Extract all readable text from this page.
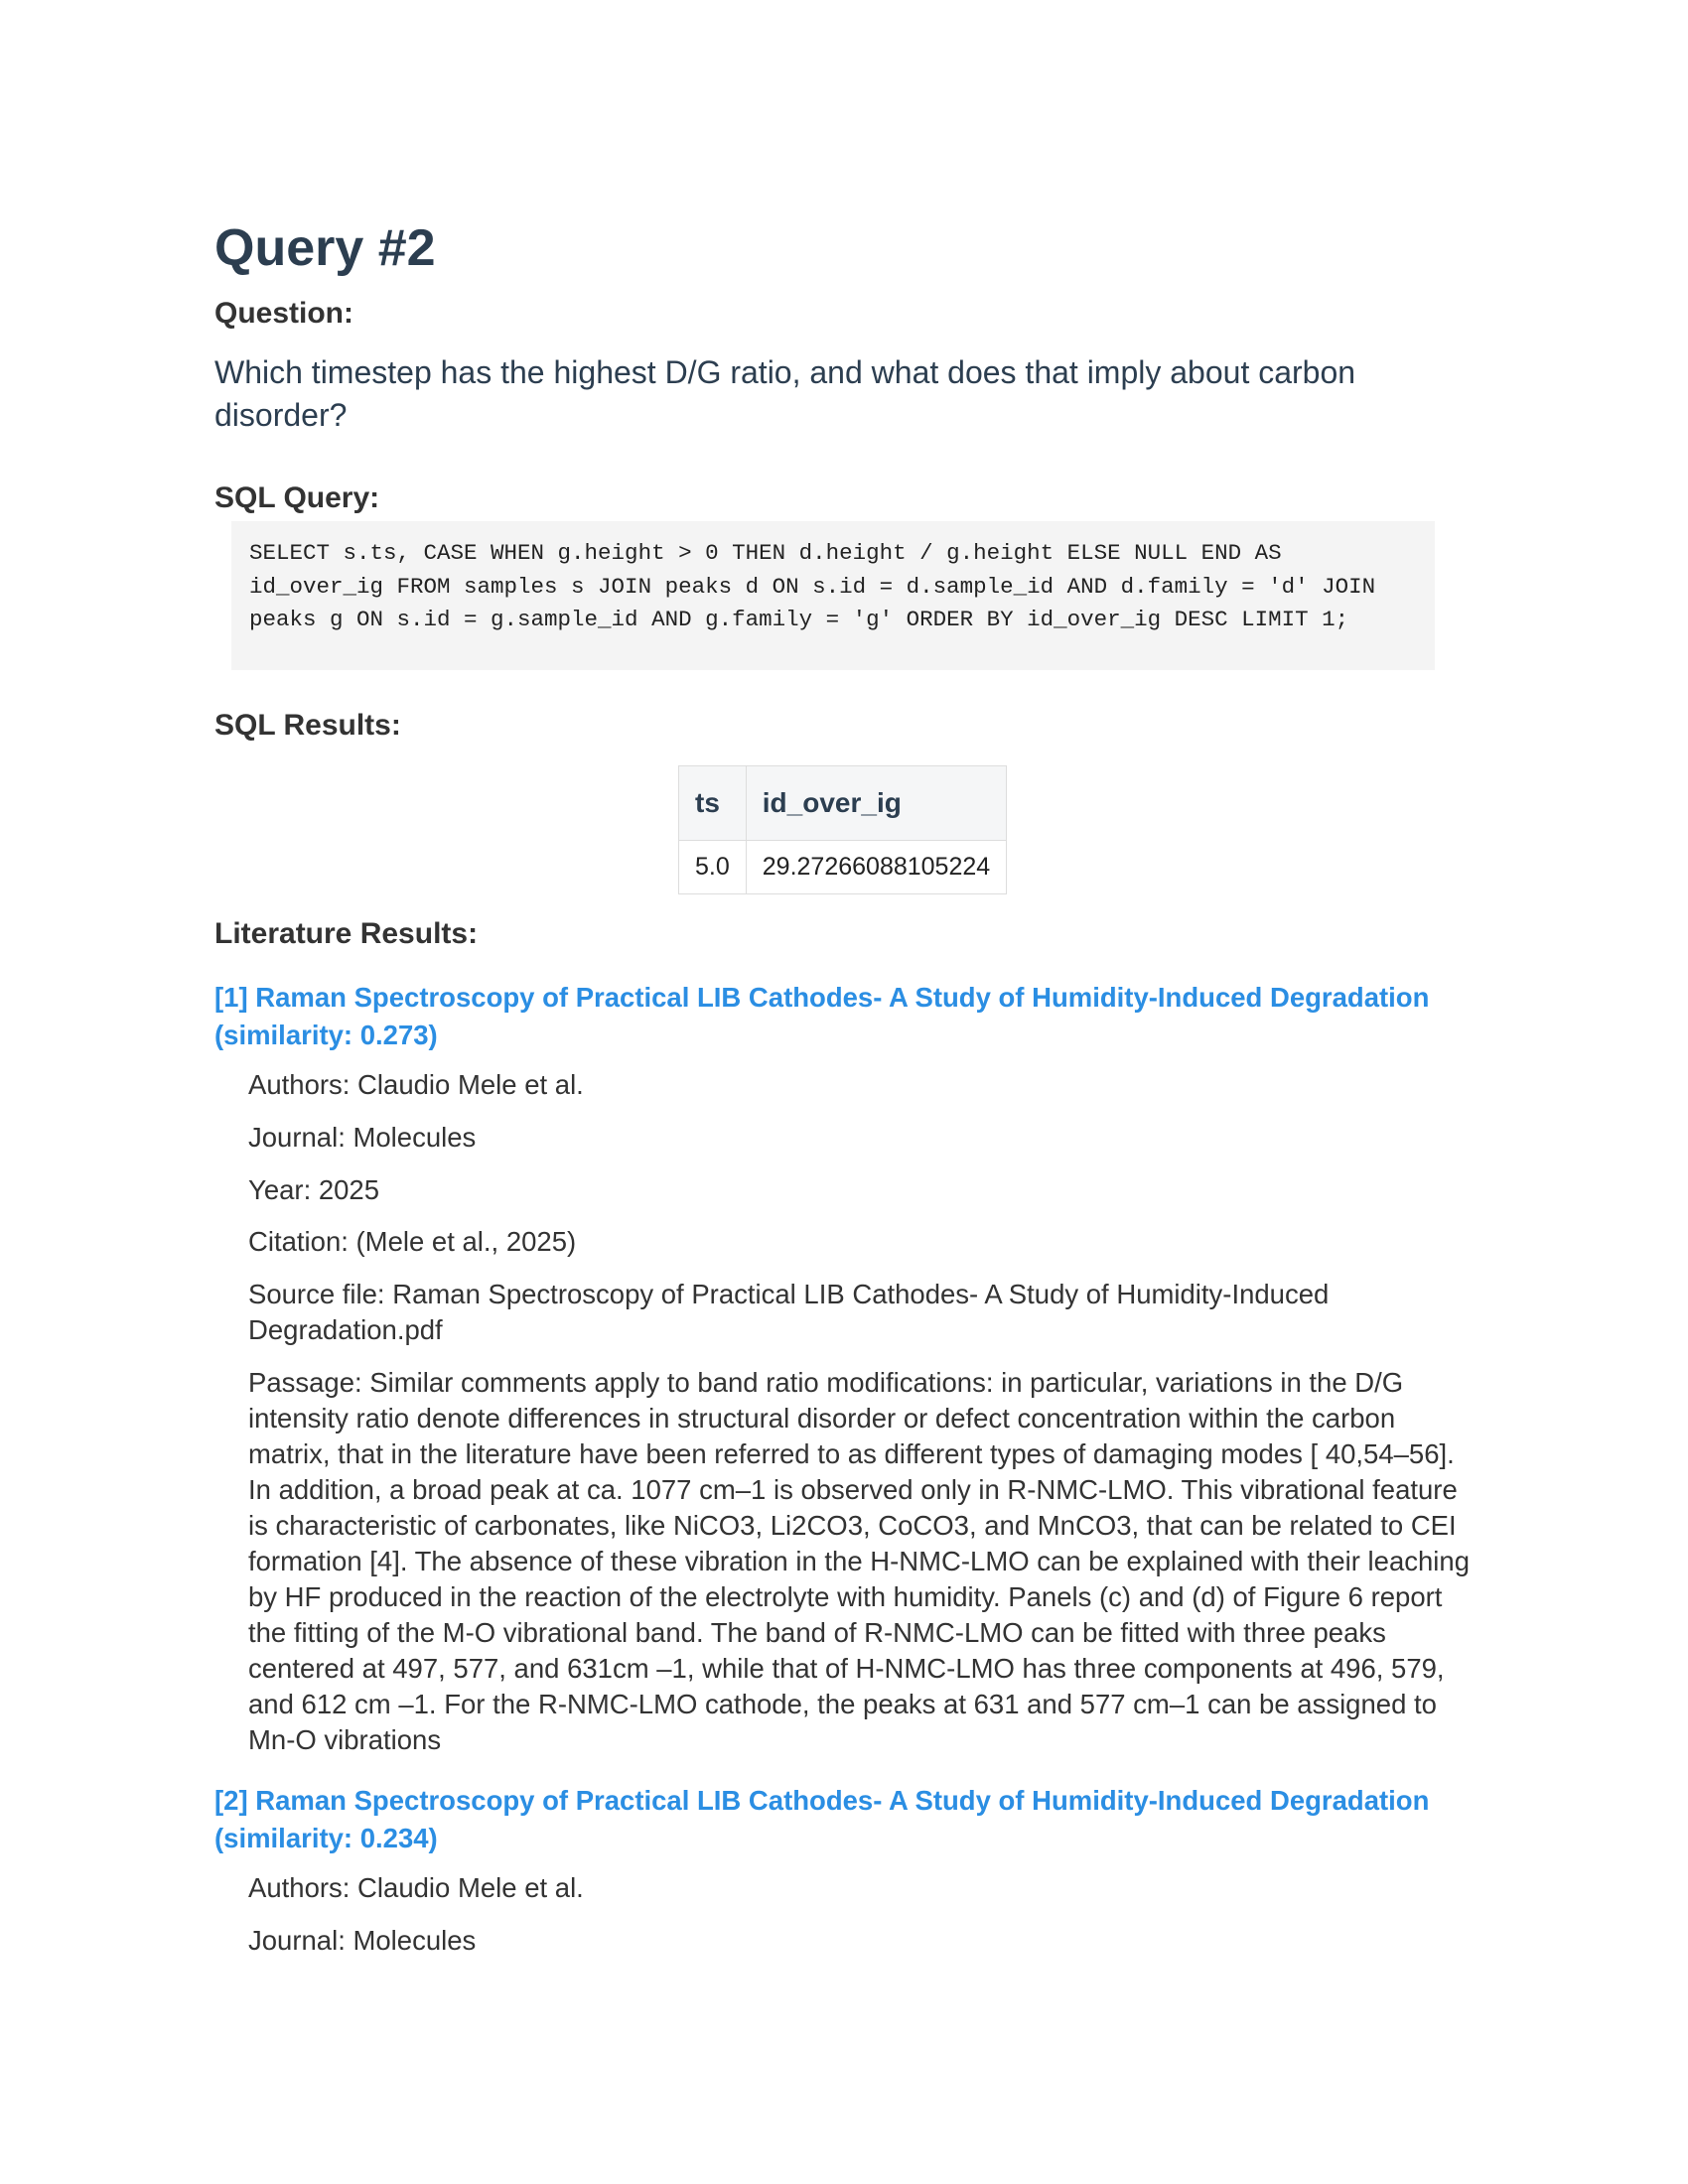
Query #2
Question:
Which timestep has the highest D/G ratio, and what does that imply about carbon disorder?
SQL Query:
SELECT s.ts, CASE WHEN g.height > 0 THEN d.height / g.height ELSE NULL END AS id_over_ig FROM samples s JOIN peaks d ON s.id = d.sample_id AND d.family = 'd' JOIN peaks g ON s.id = g.sample_id AND g.family = 'g' ORDER BY id_over_ig DESC LIMIT 1;
SQL Results:
ts	id_over_ig
5.0	29.27266088105224
Literature Results:
[1] Raman Spectroscopy of Practical LIB Cathodes- A Study of Humidity-Induced Degradation (similarity: 0.273)
Authors: Claudio Mele et al.
Journal: Molecules
Year: 2025
Citation: (Mele et al., 2025)
Source file: Raman Spectroscopy of Practical LIB Cathodes- A Study of Humidity-Induced Degradation.pdf
Passage: Similar comments apply to band ratio modifications: in particular, variations in the D/G intensity ratio denote differences in structural disorder or defect concentration within the carbon matrix, that in the literature have been referred to as different types of damaging modes [ 40,54–56]. In addition, a broad peak at ca. 1077 cm–1 is observed only in R-NMC-LMO. This vibrational feature is characteristic of carbonates, like NiCO3, Li2CO3, CoCO3, and MnCO3, that can be related to CEI formation [4]. The absence of these vibration in the H-NMC-LMO can be explained with their leaching by HF produced in the reaction of the electrolyte with humidity. Panels (c) and (d) of Figure 6 report the fitting of the M-O vibrational band. The band of R-NMC-LMO can be fitted with three peaks centered at 497, 577, and 631cm –1, while that of H-NMC-LMO has three components at 496, 579, and 612 cm –1. For the R-NMC-LMO cathode, the peaks at 631 and 577 cm–1 can be assigned to Mn-O vibrations
[2] Raman Spectroscopy of Practical LIB Cathodes- A Study of Humidity-Induced Degradation (similarity: 0.234)
Authors: Claudio Mele et al.
Journal: Molecules
